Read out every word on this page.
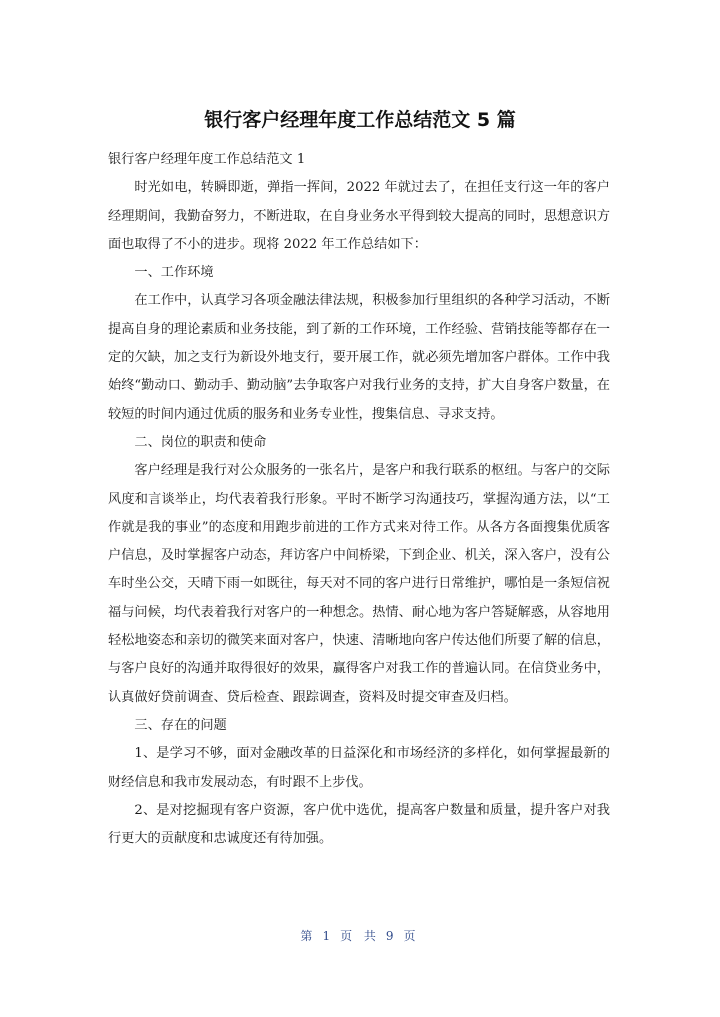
银行客户经理年度工作总结范文 5 篇

银行客户经理年度工作总结范文 1

时光如电，转瞬即逝，弹指一挥间，2022 年就过去了，在担任支行这一年的客户经理期间，我勤奋努力，不断进取，在自身业务水平得到较大提高的同时，思想意识方面也取得了不小的进步。现将 2022 年工作总结如下：

一、工作环境

在工作中，认真学习各项金融法律法规，积极参加行里组织的各种学习活动，不断提高自身的理论素质和业务技能，到了新的工作环境，工作经验、营销技能等都存在一定的欠缺，加之支行为新设外地支行，要开展工作，就必须先增加客户群体。工作中我始终“勤动口、勤动手、勤动脑”去争取客户对我行业务的支持，扩大自身客户数量，在较短的时间内通过优质的服务和业务专业性，搜集信息、寻求支持。

二、岗位的职责和使命

客户经理是我行对公众服务的一张名片，是客户和我行联系的枢纽。与客户的交际风度和言谈举止，均代表着我行形象。平时不断学习沟通技巧，掌握沟通方法，以“工作就是我的事业”的态度和用跑步前进的工作方式来对待工作。从各方各面搜集优质客户信息，及时掌握客户动态，拜访客户中间桥梁，下到企业、机关，深入客户，没有公车时坐公交，天晴下雨一如既往，每天对不同的客户进行日常维护，哪怕是一条短信祝福与问候，均代表着我行对客户的一种想念。热情、耐心地为客户答疑解惑，从容地用轻松地姿态和亲切的微笑来面对客户，快速、清晰地向客户传达他们所要了解的信息，与客户良好的沟通并取得很好的效果，赢得客户对我工作的普遍认同。在信贷业务中，认真做好贷前调查、贷后检查、跟踪调查，资料及时提交审查及归档。

三、存在的问题

1、是学习不够，面对金融改革的日益深化和市场经济的多样化，如何掌握最新的财经信息和我市发展动态，有时跟不上步伐。

2、是对挖掘现有客户资源，客户优中选优，提高客户数量和质量，提升客户对我行更大的贡献度和忠诚度还有待加强。

第 1 页 共 9 页
